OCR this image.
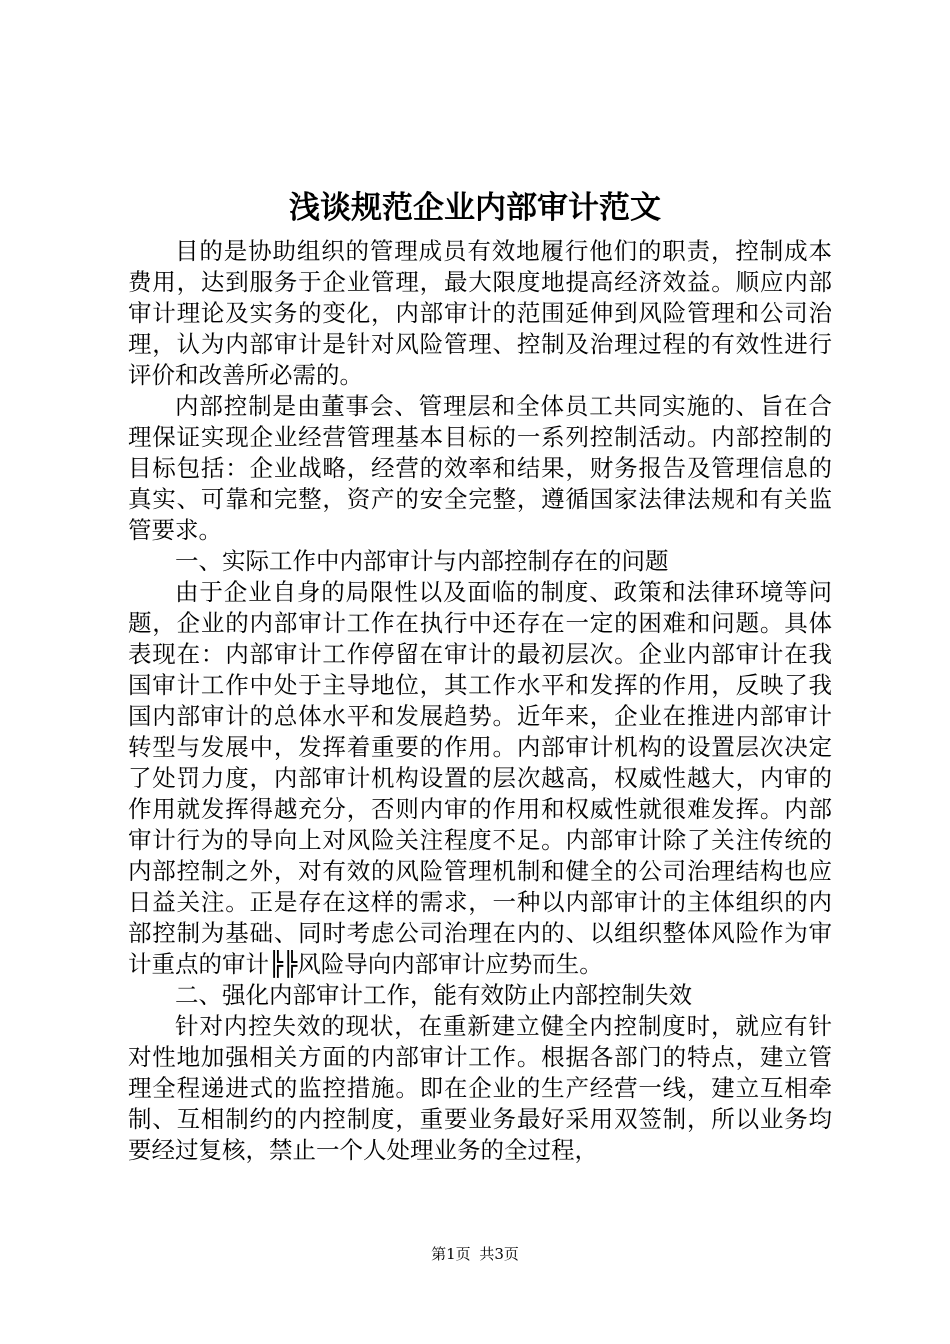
浅谈规范企业内部审计范文

目的是协助组织的管理成员有效地履行他们的职责，控制成本费用，达到服务于企业管理，最大限度地提高经济效益。顺应内部审计理论及实务的变化，内部审计的范围延伸到风险管理和公司治理，认为内部审计是针对风险管理、控制及治理过程的有效性进行评价和改善所必需的。

内部控制是由董事会、管理层和全体员工共同实施的、旨在合理保证实现企业经营管理基本目标的一系列控制活动。内部控制的目标包括：企业战略，经营的效率和结果，财务报告及管理信息的真实、可靠和完整，资产的安全完整，遵循国家法律法规和有关监管要求。

一、实际工作中内部审计与内部控制存在的问题

由于企业自身的局限性以及面临的制度、政策和法律环境等问题，企业的内部审计工作在执行中还存在一定的困难和问题。具体表现在：内部审计工作停留在审计的最初层次。企业内部审计在我国审计工作中处于主导地位，其工作水平和发挥的作用，反映了我国内部审计的总体水平和发展趋势。近年来，企业在推进内部审计转型与发展中，发挥着重要的作用。内部审计机构的设置层次决定了处罚力度，内部审计机构设置的层次越高，权威性越大，内审的作用就发挥得越充分，否则内审的作用和权威性就很难发挥。内部审计行为的导向上对风险关注程度不足。内部审计除了关注传统的内部控制之外，对有效的风险管理机制和健全的公司治理结构也应日益关注。正是存在这样的需求，一种以内部审计的主体组织的内部控制为基础、同时考虑公司治理在内的、以组织整体风险作为审计重点的审计╠╠风险导向内部审计应势而生。

二、强化内部审计工作，能有效防止内部控制失效

针对内控失效的现状，在重新建立健全内控制度时，就应有针对性地加强相关方面的内部审计工作。根据各部门的特点，建立管理全程递进式的监控措施。即在企业的生产经营一线，建立互相牵制、互相制约的内控制度，重要业务最好采用双签制，所以业务均要经过复核，禁止一个人处理业务的全过程，

第1页 共3页
